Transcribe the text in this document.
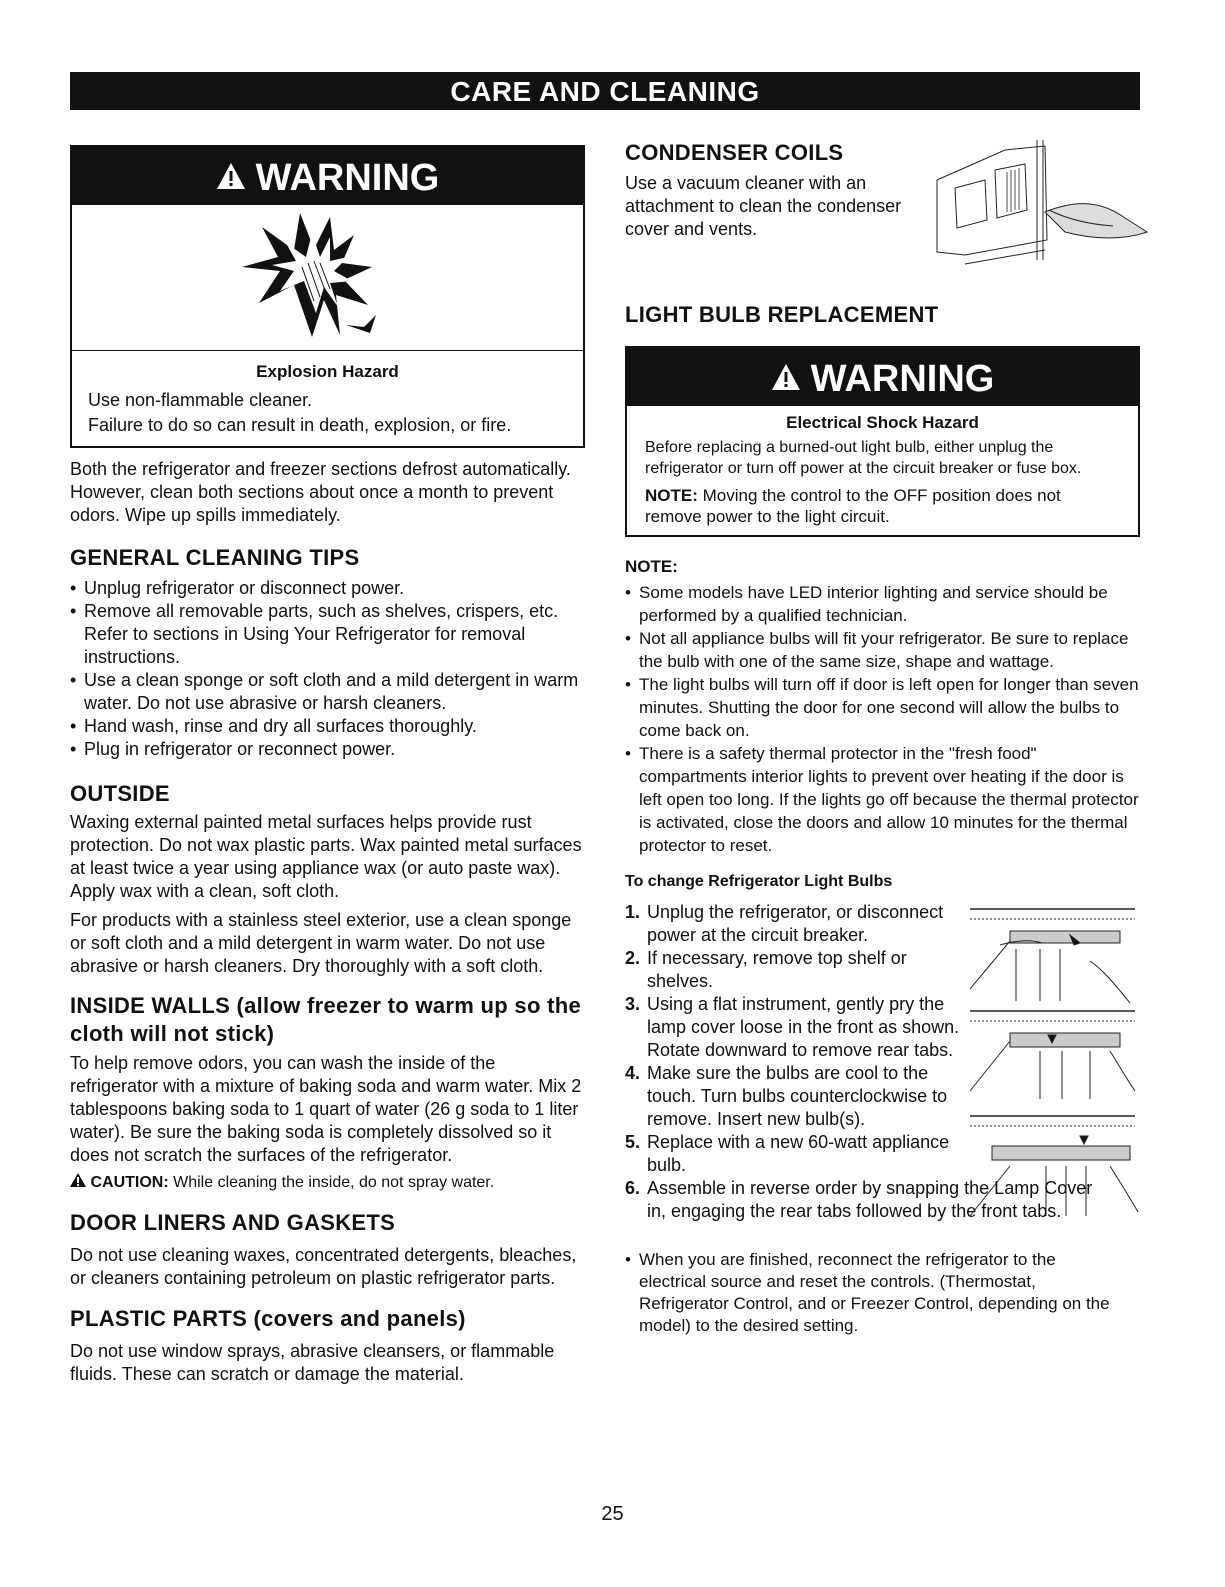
CARE AND CLEANING
WARNING
Explosion Hazard

Use non-flammable cleaner.

Failure to do so can result in death, explosion, or fire.

Both the refrigerator and freezer sections defrost automatically. However, clean both sections about once a month to prevent odors. Wipe up spills immediately.

GENERAL CLEANING TIPS
• Unplug refrigerator or disconnect power.
• Remove all removable parts, such as shelves, crispers, etc. Refer to sections in Using Your Refrigerator for removal instructions.
• Use a clean sponge or soft cloth and a mild detergent in warm water. Do not use abrasive or harsh cleaners.
• Hand wash, rinse and dry all surfaces thoroughly.
• Plug in refrigerator or reconnect power.
OUTSIDE

Waxing external painted metal surfaces helps provide rust protection. Do not wax plastic parts. Wax painted metal surfaces at least twice a year using appliance wax (or auto paste wax). Apply wax with a clean, soft cloth.

For products with a stainless steel exterior, use a clean sponge or soft cloth and a mild detergent in warm water. Do not use abrasive or harsh cleaners. Dry thoroughly with a soft cloth.

INSIDE WALLS (allow freezer to warm up so the cloth will not stick)

To help remove odors, you can wash the inside of the refrigerator with a mixture of baking soda and warm water. Mix 2 tablespoons baking soda to 1 quart of water (26 g soda to 1 liter water). Be sure the baking soda is completely dissolved so it does not scratch the surfaces of the refrigerator.

CAUTION: While cleaning the inside, do not spray water.
DOOR LINERS AND GASKETS

Do not use cleaning waxes, concentrated detergents, bleaches, or cleaners containing petroleum on plastic refrigerator parts.

PLASTIC PARTS (covers and panels)

Do not use window sprays, abrasive cleansers, or flammable fluids. These can scratch or damage the material.

CONDENSER COILS

Use a vacuum cleaner with an attachment to clean the condenser cover and vents.

LIGHT BULB REPLACEMENT
WARNING
Electrical Shock Hazard

Before replacing a burned-out light bulb, either unplug the refrigerator or turn off power at the circuit breaker or fuse box.

NOTE: Moving the control to the OFF position does not remove power to the light circuit.

NOTE:
• Some models have LED interior lighting and service should be performed by a qualified technician.
• Not all appliance bulbs will fit your refrigerator. Be sure to replace the bulb with one of the same size, shape and wattage.
• The light bulbs will turn off if door is left open for longer than seven minutes. Shutting the door for one second will allow the bulbs to come back on.
• There is a safety thermal protector in the "fresh food" compartments interior lights to prevent over heating if the door is left open too long. If the lights go off because the thermal protector is activated, close the doors and allow 10 minutes for the thermal protector to reset.
To change Refrigerator Light Bulbs
1. Unplug the refrigerator, or disconnect power at the circuit breaker.
2. If necessary, remove top shelf or shelves.
3. Using a flat instrument, gently pry the lamp cover loose in the front as shown. Rotate downward to remove rear tabs.
4. Make sure the bulbs are cool to the touch. Turn bulbs counterclockwise to remove. Insert new bulb(s).
5. Replace with a new 60-watt appliance bulb.
6. Assemble in reverse order by snapping the Lamp Cover in, engaging the rear tabs followed by the front tabs.
• When you are finished, reconnect the refrigerator to the electrical source and reset the controls. (Thermostat, Refrigerator Control, and or Freezer Control, depending on the model) to the desired setting.
25
